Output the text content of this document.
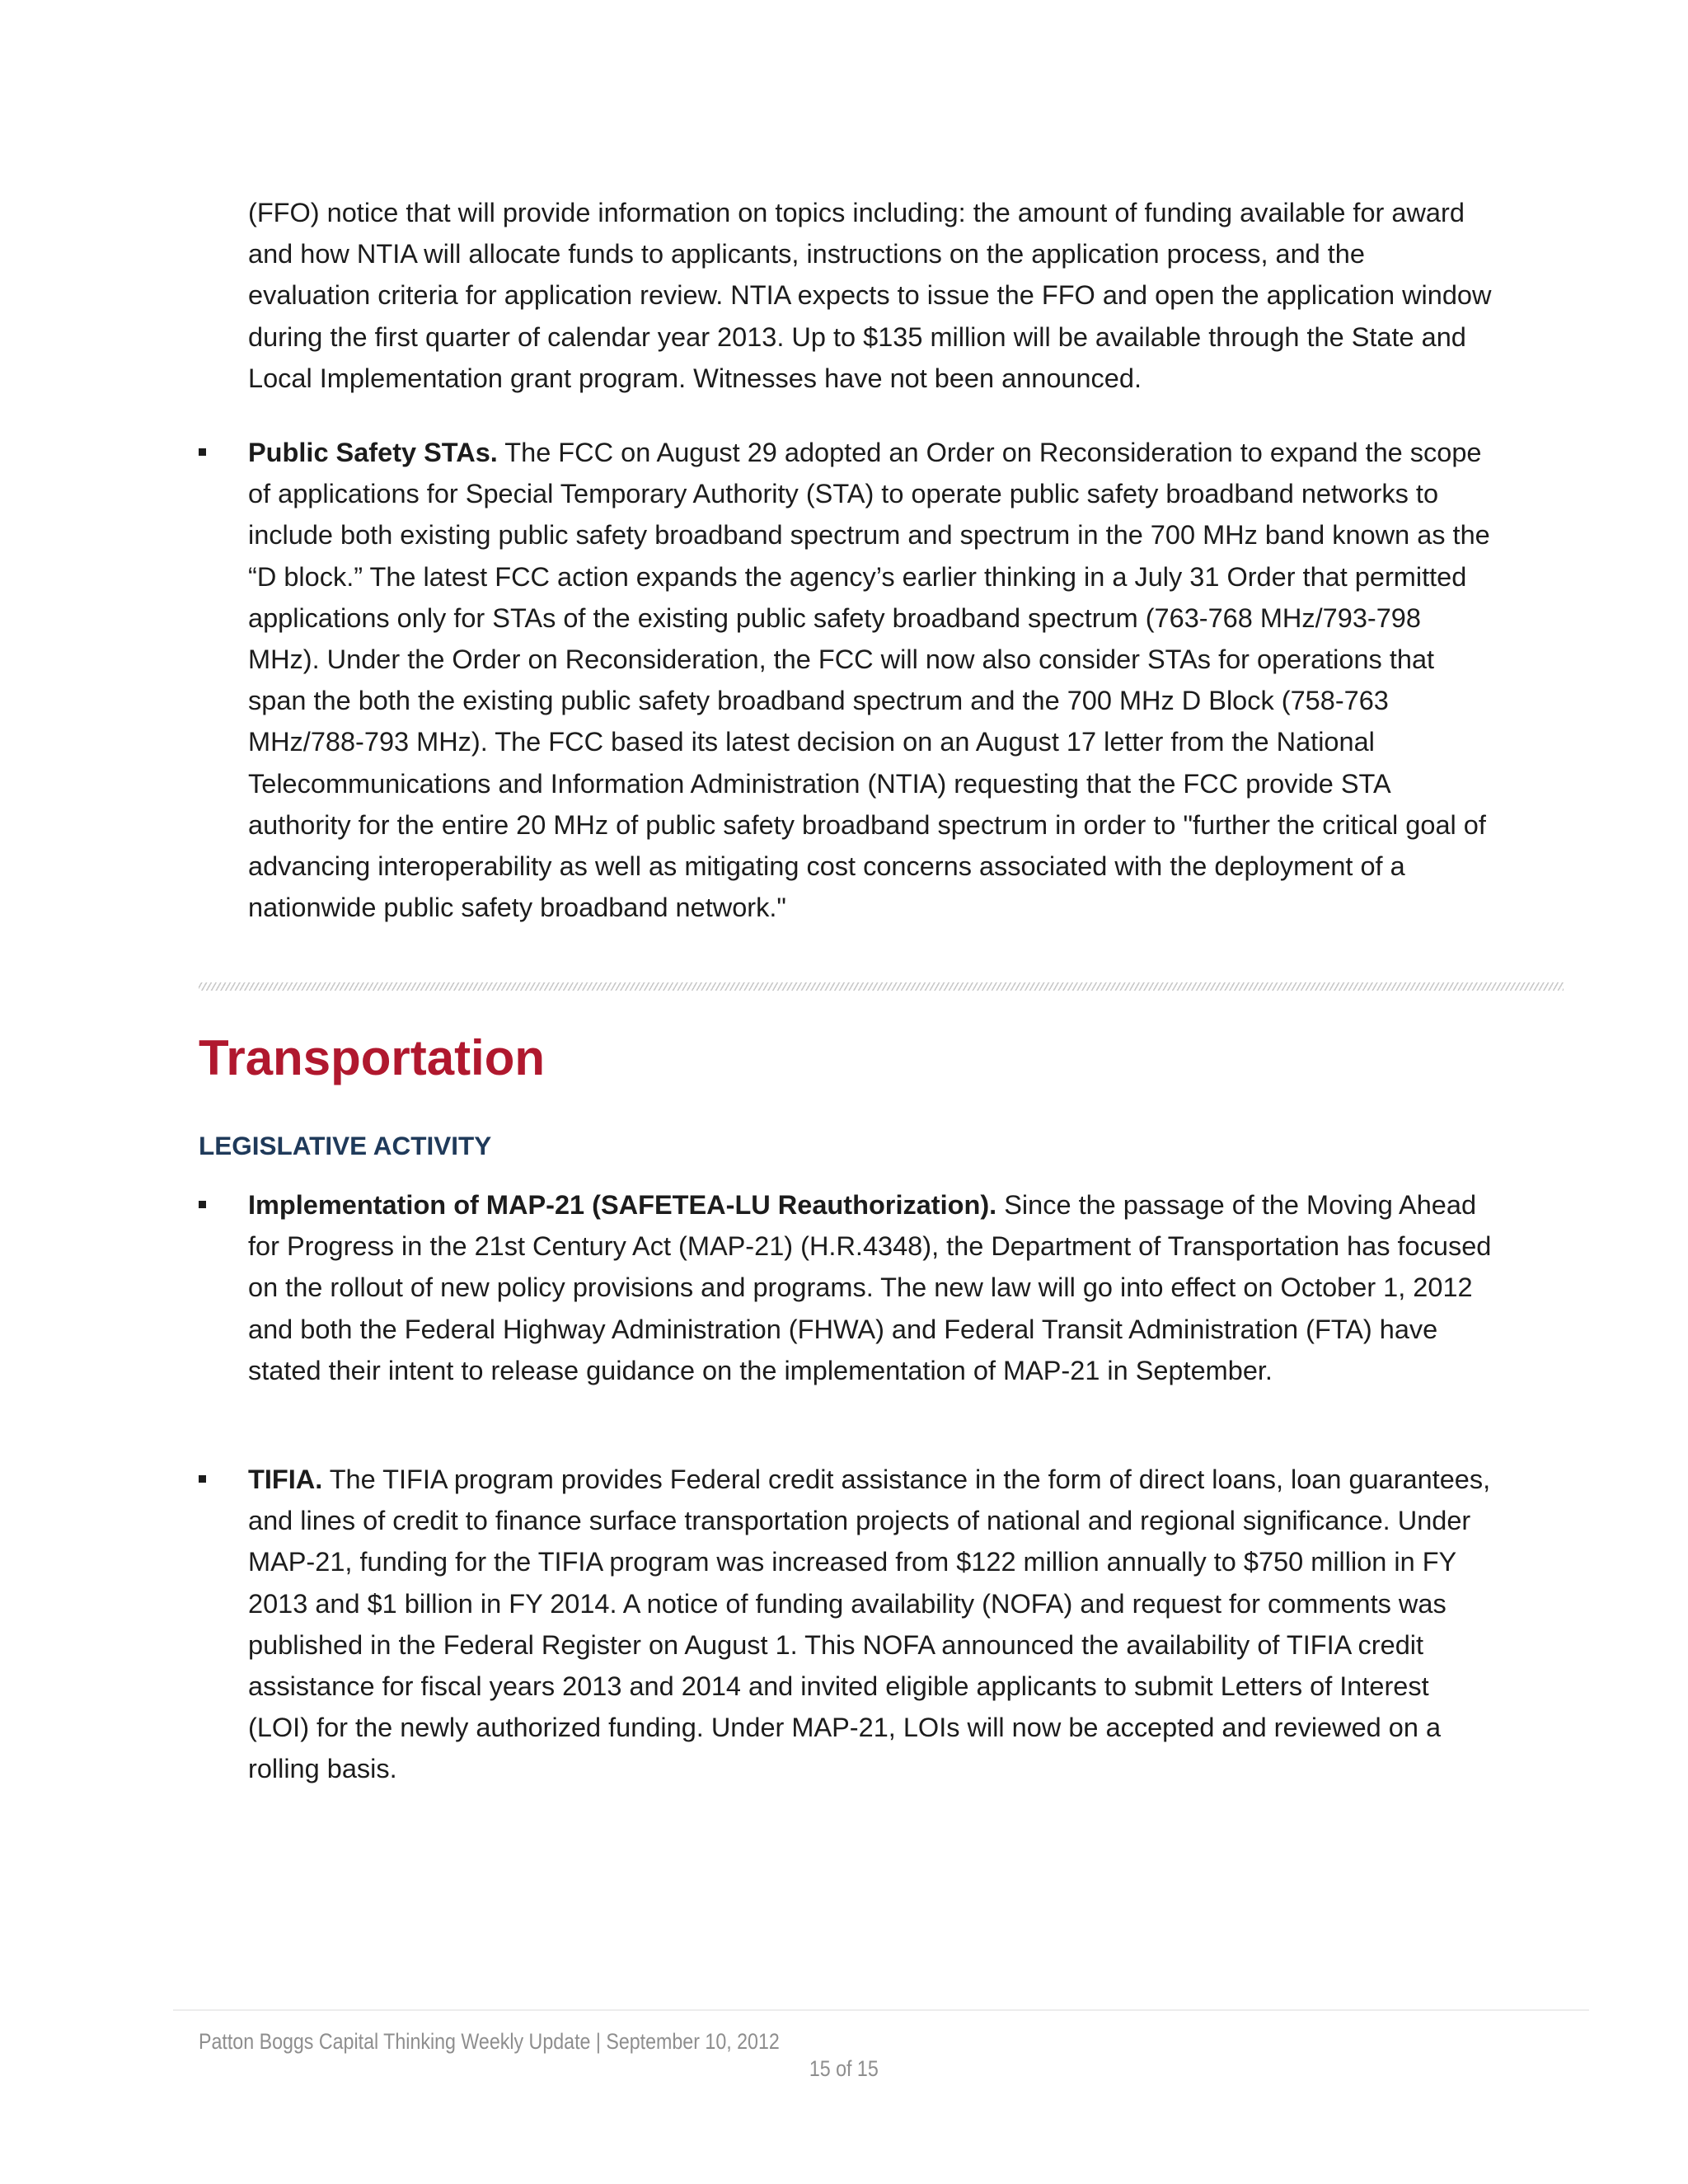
(FFO) notice that will provide information on topics including: the amount of funding available for award and how NTIA will allocate funds to applicants, instructions on the application process, and the evaluation criteria for application review. NTIA expects to issue the FFO and open the application window during the first quarter of calendar year 2013. Up to $135 million will be available through the State and Local Implementation grant program. Witnesses have not been announced.

Public Safety STAs. The FCC on August 29 adopted an Order on Reconsideration to expand the scope of applications for Special Temporary Authority (STA) to operate public safety broadband networks to include both existing public safety broadband spectrum and spectrum in the 700 MHz band known as the “D block.” The latest FCC action expands the agency’s earlier thinking in a July 31 Order that permitted applications only for STAs of the existing public safety broadband spectrum (763-768 MHz/793-798 MHz). Under the Order on Reconsideration, the FCC will now also consider STAs for operations that span the both the existing public safety broadband spectrum and the 700 MHz D Block (758-763 MHz/788-793 MHz). The FCC based its latest decision on an August 17 letter from the National Telecommunications and Information Administration (NTIA) requesting that the FCC provide STA authority for the entire 20 MHz of public safety broadband spectrum in order to "further the critical goal of advancing interoperability as well as mitigating cost concerns associated with the deployment of a nationwide public safety broadband network."

Transportation
LEGISLATIVE ACTIVITY

Implementation of MAP-21 (SAFETEA-LU Reauthorization). Since the passage of the Moving Ahead for Progress in the 21st Century Act (MAP-21) (H.R.4348), the Department of Transportation has focused on the rollout of new policy provisions and programs. The new law will go into effect on October 1, 2012 and both the Federal Highway Administration (FHWA) and Federal Transit Administration (FTA) have stated their intent to release guidance on the implementation of MAP-21 in September.

TIFIA. The TIFIA program provides Federal credit assistance in the form of direct loans, loan guarantees, and lines of credit to finance surface transportation projects of national and regional significance. Under MAP-21, funding for the TIFIA program was increased from $122 million annually to $750 million in FY 2013 and $1 billion in FY 2014. A notice of funding availability (NOFA) and request for comments was published in the Federal Register on August 1. This NOFA announced the availability of TIFIA credit assistance for fiscal years 2013 and 2014 and invited eligible applicants to submit Letters of Interest (LOI) for the newly authorized funding. Under MAP-21, LOIs will now be accepted and reviewed on a rolling basis.

Patton Boggs Capital Thinking Weekly Update | September 10, 2012
15 of 15
